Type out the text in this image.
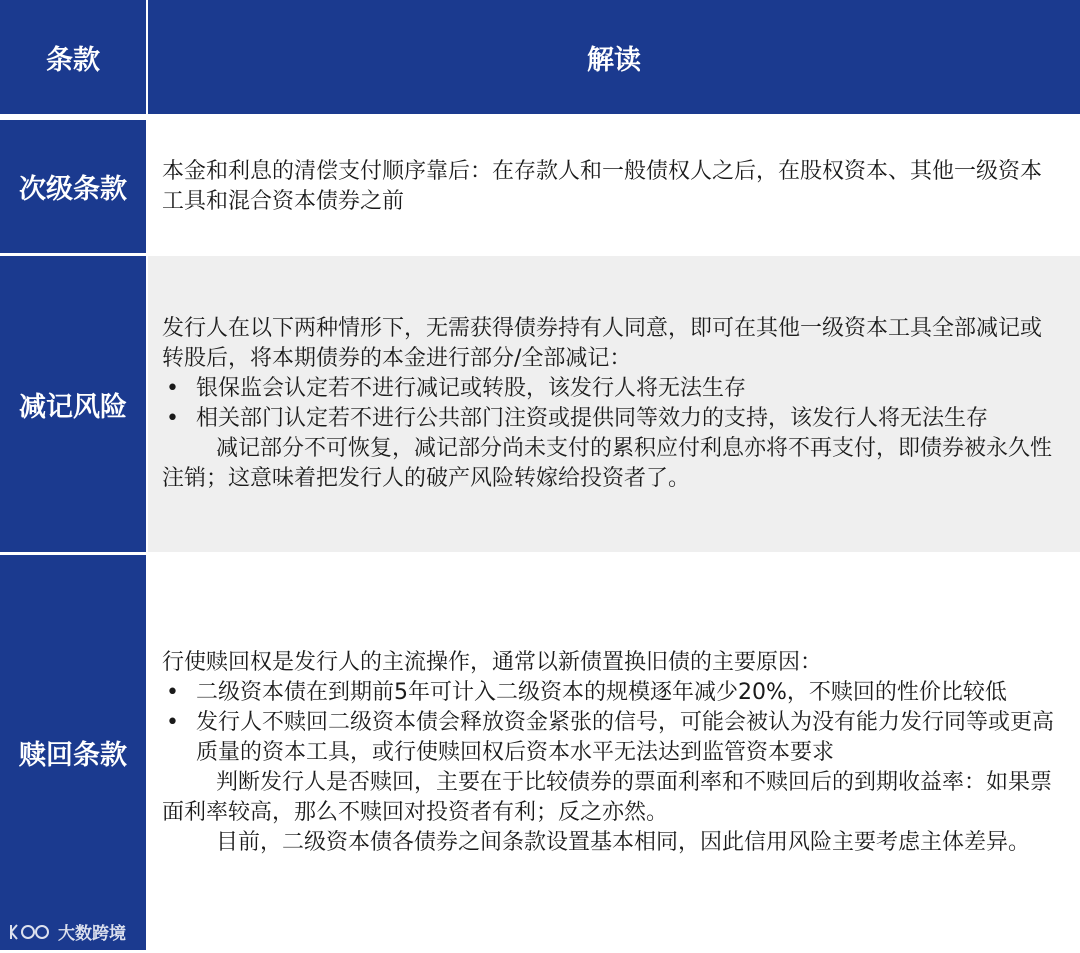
条款	解读
次级条款
本金和利息的清偿支付顺序靠后：在存款人和一般债权人之后，在股权资本、其他一级资本工具和混合资本债券之前
减记风险
发行人在以下两种情形下，无需获得债券持有人同意，即可在其他一级资本工具全部减记或转股后，将本期债券的本金进行部分/全部减记：
• 银保监会认定若不进行减记或转股，该发行人将无法生存
• 相关部门认定若不进行公共部门注资或提供同等效力的支持，该发行人将无法生存
减记部分不可恢复，减记部分尚未支付的累积应付利息亦将不再支付，即债券被永久性注销；这意味着把发行人的破产风险转嫁给投资者了。
赎回条款
大数跨境
行使赎回权是发行人的主流操作，通常以新债置换旧债的主要原因：
• 二级资本债在到期前5年可计入二级资本的规模逐年减少20%，不赎回的性价比较低
• 发行人不赎回二级资本债会释放资金紧张的信号，可能会被认为没有能力发行同等或更高质量的资本工具，或行使赎回权后资本水平无法达到监管资本要求
判断发行人是否赎回，主要在于比较债券的票面利率和不赎回后的到期收益率：如果票面利率较高，那么不赎回对投资者有利；反之亦然。
目前，二级资本债各债券之间条款设置基本相同，因此信用风险主要考虑主体差异。
